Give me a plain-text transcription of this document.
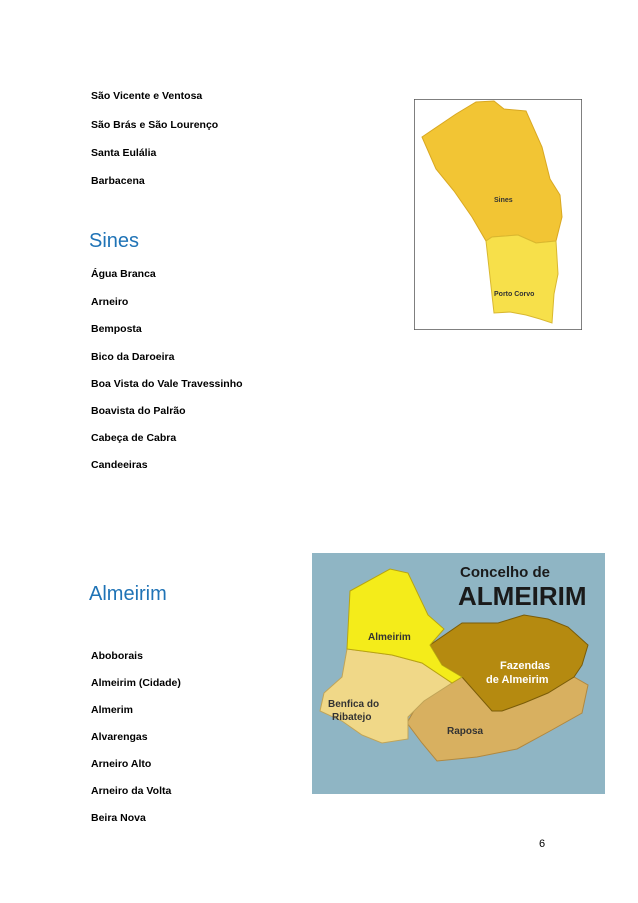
São Vicente e Ventosa
São Brás e São Lourenço
Santa Eulália
Barbacena
Sines
Água Branca
Arneiro
Bemposta
Bico da Daroeira
Boa Vista do Vale Travessinho
Boavista do Palrão
Cabeça de Cabra
Candeeiras
Sines
Porto Corvo
Almeirim
Aboborais
Almeirim (Cidade)
Almerim
Alvarengas
Arneiro Alto
Arneiro da Volta
Beira Nova
Concelho de
ALMEIRIM
Almeirim
Fazendas
de Almeirim
Benfica do
Ribatejo
Raposa
6
